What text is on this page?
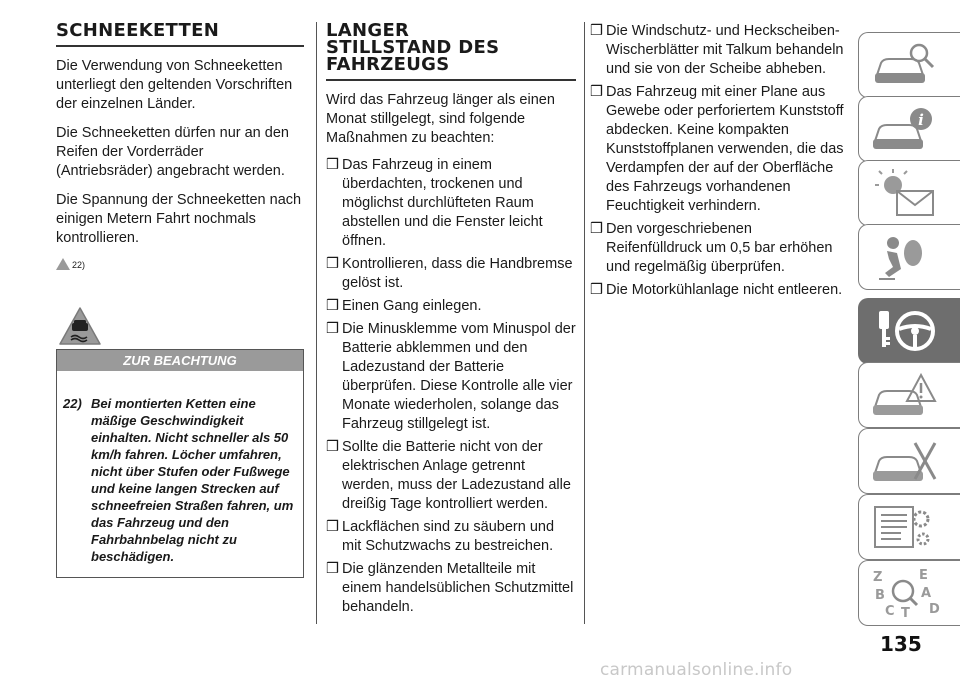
SCHNEEKETTEN

Die Verwendung von Schneeketten unterliegt den geltenden Vorschriften der einzelnen Länder.

Die Schneeketten dürfen nur an den Reifen der Vorderräder (Antriebsräder) angebracht werden.

Die Spannung der Schneeketten nach einigen Metern Fahrt nochmals kontrollieren.

22)
ZUR BEACHTUNG
22) Bei montierten Ketten eine mäßige Geschwindigkeit einhalten. Nicht schneller als 50 km/h fahren. Löcher umfahren, nicht über Stufen oder Fußwege und keine langen Strecken auf schneefreien Straßen fahren, um das Fahrzeug und den Fahrbahnbelag nicht zu beschädigen.
LANGER
STILLSTAND DES
FAHRZEUGS

Wird das Fahrzeug länger als einen Monat stillgelegt, sind folgende Maßnahmen zu beachten:

❒ Das Fahrzeug in einem überdachten, trockenen und möglichst durchlüfteten Raum abstellen und die Fenster leicht öffnen.
❒ Kontrollieren, dass die Handbremse gelöst ist.
❒ Einen Gang einlegen.
❒ Die Minusklemme vom Minuspol der Batterie abklemmen und den Ladezustand der Batterie überprüfen. Diese Kontrolle alle vier Monate wiederholen, solange das Fahrzeug stillgelegt ist.
❒ Sollte die Batterie nicht von der elektrischen Anlage getrennt werden, muss der Ladezustand alle dreißig Tage kontrolliert werden.
❒ Lackflächen sind zu säubern und mit Schutzwachs zu bestreichen.
❒ Die glänzenden Metallteile mit einem handelsüblichen Schutzmittel behandeln.
❒ Die Windschutz- und Heckscheiben-Wischerblätter mit Talkum behandeln und sie von der Scheibe abheben.
❒ Das Fahrzeug mit einer Plane aus Gewebe oder perforiertem Kunststoff abdecken. Keine kompakten Kunststoffplanen verwenden, die das Verdampfen der auf der Oberfläche des Fahrzeugs vorhandenen Feuchtigkeit verhindern.
❒ Den vorgeschriebenen Reifenfülldruck um 0,5 bar erhöhen und regelmäßig überprüfen.
❒ Die Motorkühlanlage nicht entleeren.
i
Z	E
B	A
C T D
135
carmanualsonline.info
